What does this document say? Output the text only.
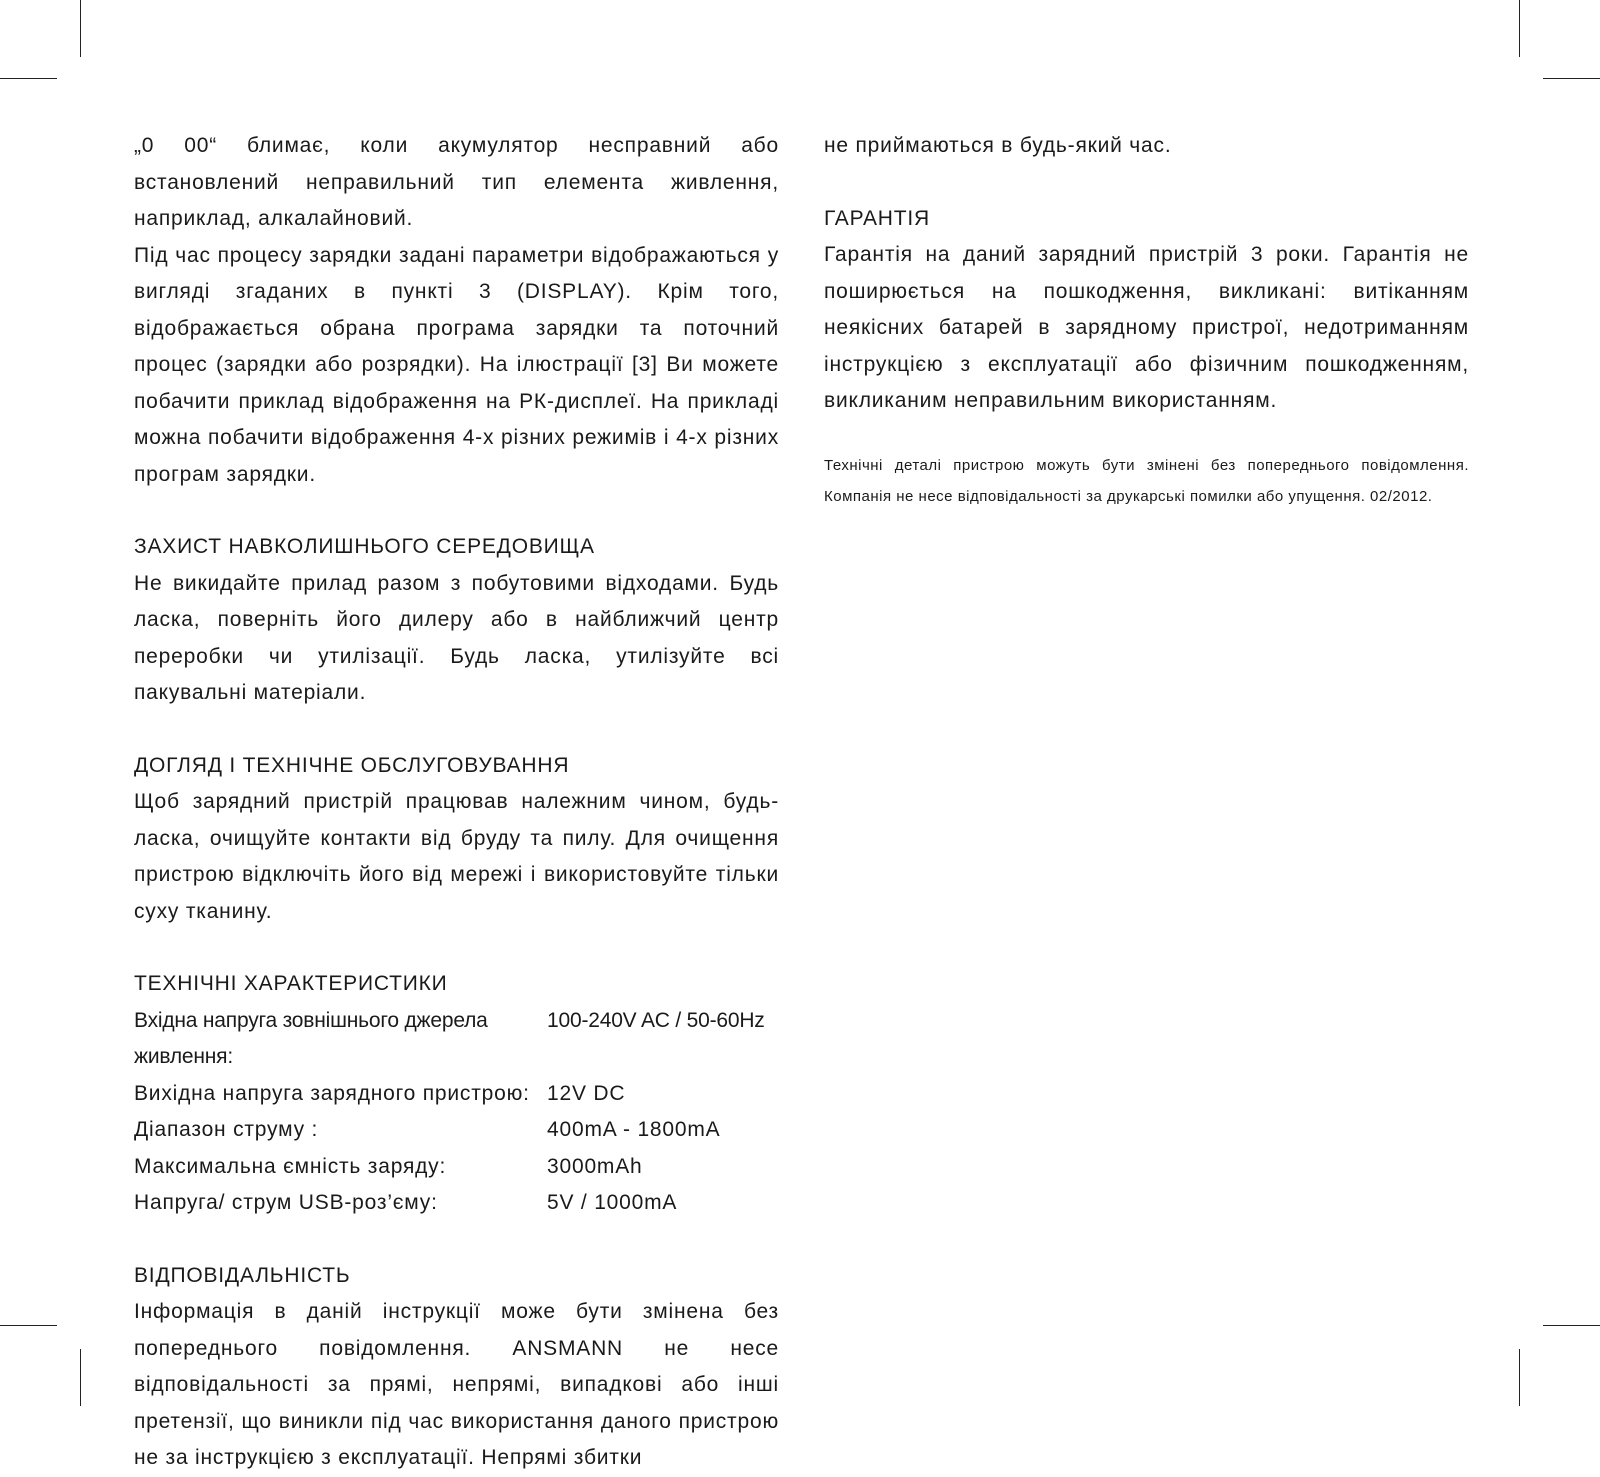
„0 00“ блимає, коли акумулятор несправний або встановлений неправильний тип елемента живлення, наприклад, алкалайновий.

Під час процесу зарядки задані параметри відображаються у вигляді згаданих в пункті 3 (DISPLAY). Крім того, відображається обрана програма зарядки та поточний процес (зарядки або розрядки). На ілюстрації [3] Ви можете побачити приклад відображення на РК-дисплеї. На прикладі можна побачити відображення 4-х різних режимів і 4-х різних програм зарядки.

ЗАХИСТ НАВКОЛИШНЬОГО СЕРЕДОВИЩА

Не викидайте прилад разом з побутовими відходами. Будь ласка, поверніть його дилеру або в найближчий центр переробки чи утилізації. Будь ласка, утилізуйте всі пакувальні матеріали.

ДОГЛЯД І ТЕХНІЧНЕ ОБСЛУГОВУВАННЯ

Щоб зарядний пристрій працював належним чином, будь-ласка, очищуйте контакти від бруду та пилу. Для очищення пристрою відключіть його від мережі і використовуйте тільки суху тканину.

ТЕХНІЧНІ ХАРАКТЕРИСТИКИ
Вхідна напруга зовнішнього джерела живлення:
100-240V AC / 50-60Hz
Вихідна напруга зарядного пристрою: 12V DC
Діапазон струму :	400mA - 1800mA
Максимальна ємність заряду:	3000mAh
Напруга/ струм USB-роз’єму:	5V / 1000mA
ВІДПОВІДАЛЬНІСТЬ

Інформація в даній інструкції може бути змінена без попереднього повідомлення. ANSMANN не несе відповідальності за прямі, непрямі, випадкові або інші претензії, що виникли під час використання даного пристрою не за інструкцією з експлуатації. Непрямі збитки

не приймаються в будь-який час.

ГАРАНТІЯ

Гарантія на даний зарядний пристрій 3 роки. Гарантія не поширюється на пошкодження, викликані: витіканням неякісних батарей в зарядному пристрої, недотриманням інструкцією з експлуатації або фізичним пошкодженням, викликаним неправильним використанням.

Технічні деталі пристрою можуть бути змінені без попереднього повідомлення. Компанія не несе відповідальності за друкарські помилки або упущення. 02/2012.
